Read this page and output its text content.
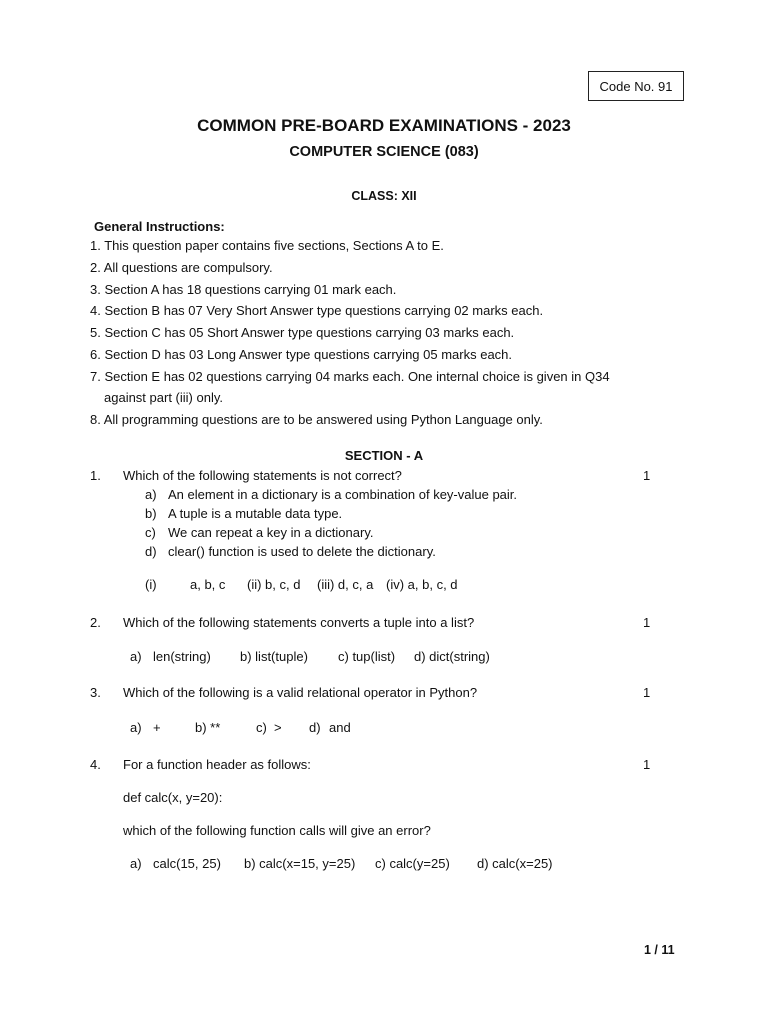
Code No. 91
COMMON PRE-BOARD EXAMINATIONS - 2023
COMPUTER SCIENCE (083)
CLASS: XII
General Instructions:
1. This question paper contains five sections, Sections A to E.
2. All questions are compulsory.
3. Section A has 18 questions carrying 01 mark each.
4. Section B has 07 Very Short Answer type questions carrying 02 marks each.
5. Section C has 05 Short Answer type questions carrying 03 marks each.
6. Section D has 03 Long Answer type questions carrying 05 marks each.
7. Section E has 02 questions carrying 04 marks each. One internal choice is given in Q34
against part (iii) only.
8. All programming questions are to be answered using Python Language only.
SECTION - A
1. Which of the following statements is not correct?	1
a) An element in a dictionary is a combination of key-value pair.
b) A tuple is a mutable data type.
c) We can repeat a key in a dictionary.
d) clear() function is used to delete the dictionary.
(i)	a, b, c (ii) b, c, d (iii) d, c, a (iv) a, b, c, d
2. Which of the following statements converts a tuple into a list?	1
a) len(string) b) list(tuple) c) tup(list) d) dict(string)
3. Which of the following is a valid relational operator in Python?	1
a) +	b) **	c) > d) and
4. For a function header as follows:	1
def calc(x, y=20):
which of the following function calls will give an error?
a) calc(15, 25) b) calc(x=15, y=25) c) calc(y=25) d) calc(x=25)
1 / 11
